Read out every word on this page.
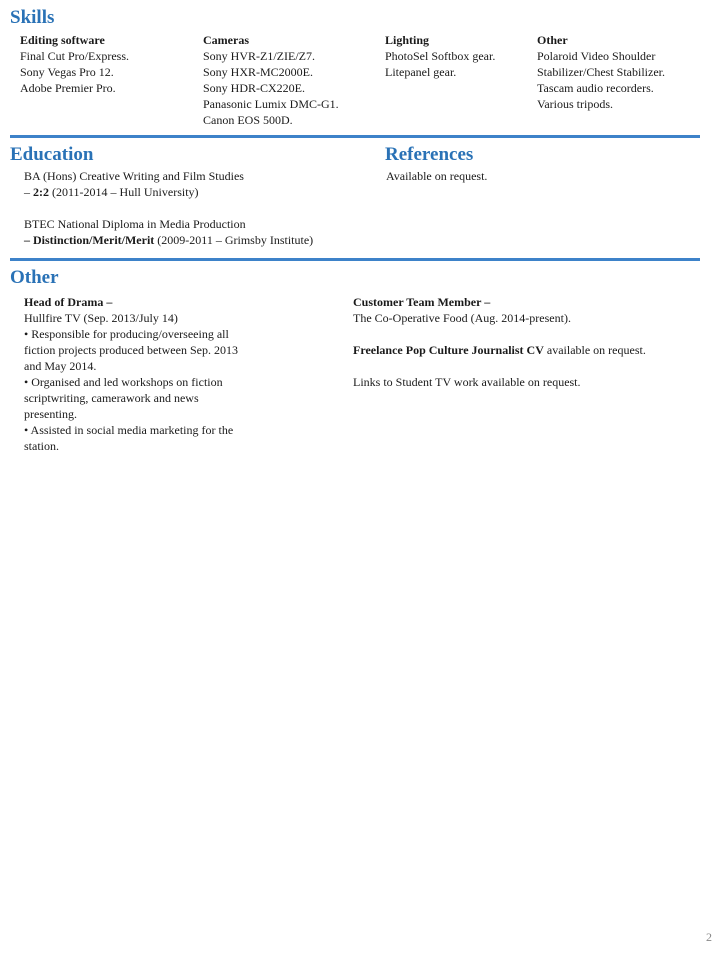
Skills
Editing software
Final Cut Pro/Express.
Sony Vegas Pro 12.
Adobe Premier Pro.
Cameras
Sony HVR-Z1/ZIE/Z7.
Sony HXR-MC2000E.
Sony HDR-CX220E.
Panasonic Lumix DMC-G1.
Canon EOS 500D.
Lighting
PhotoSel Softbox gear.
Litepanel gear.
Other
Polaroid Video Shoulder
Stabilizer/Chest Stabilizer.
Tascam audio recorders.
Various tripods.
Education
BA (Hons) Creative Writing and Film Studies
– 2:2 (2011-2014 – Hull University)
BTEC National Diploma in Media Production
– Distinction/Merit/Merit (2009-2011 – Grimsby Institute)
References
Available on request.
Other
Head of Drama –
Hullfire TV (Sep. 2013/July 14)
• Responsible for producing/overseeing all
fiction projects produced between Sep. 2013
and May 2014.
• Organised and led workshops on fiction
scriptwriting, camerawork and news
presenting.
• Assisted in social media marketing for the
station.
Customer Team Member –
The Co-Operative Food (Aug. 2014-present).
Freelance Pop Culture Journalist CV available on request.
Links to Student TV work available on request.
2
